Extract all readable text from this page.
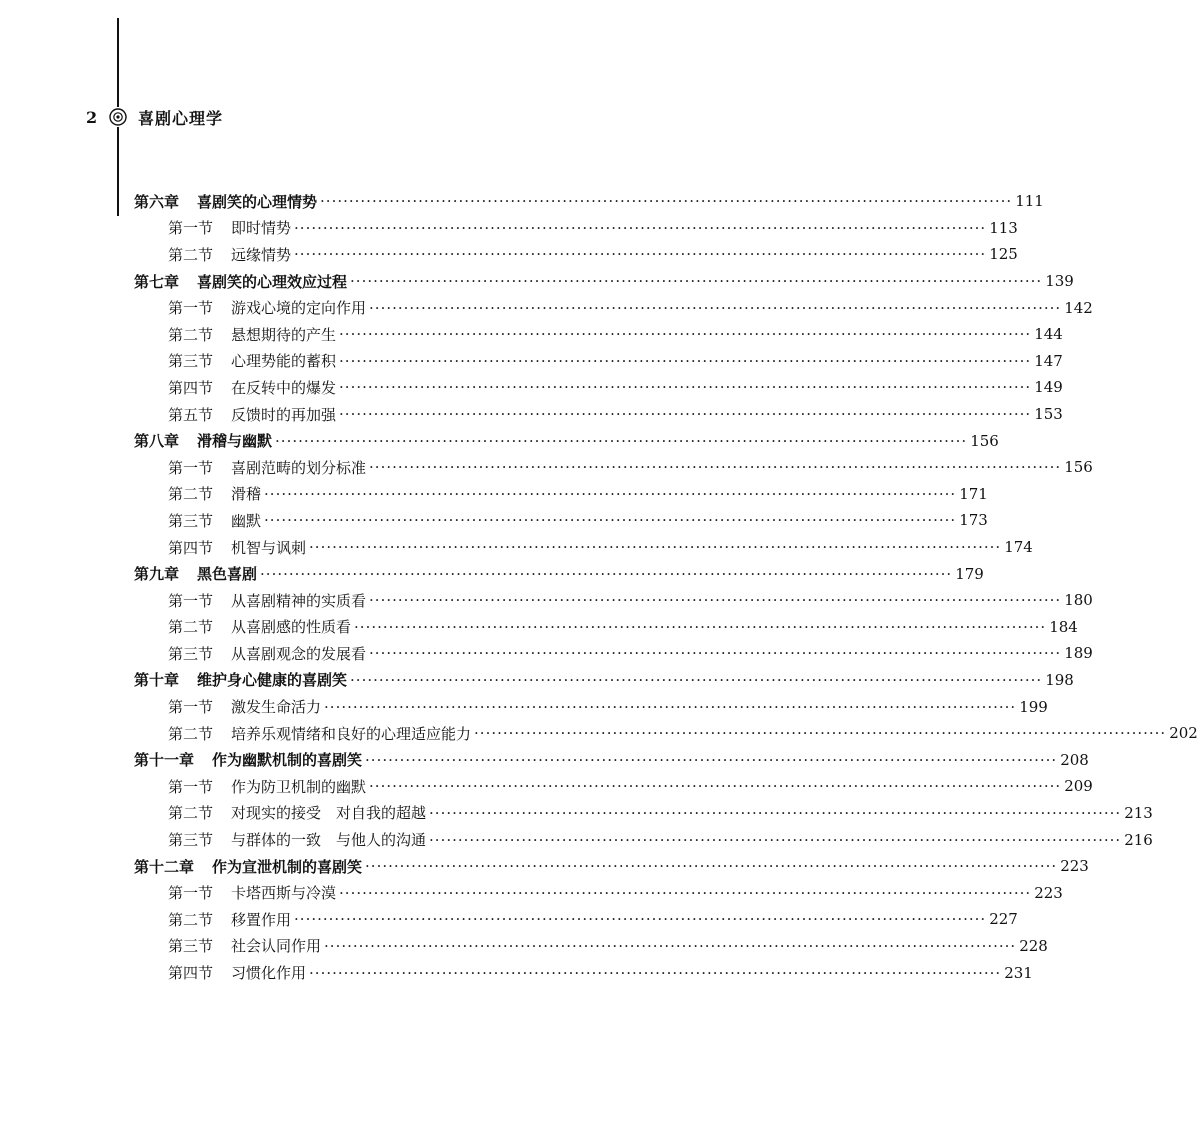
2	喜剧心理学
第六章 喜剧笑的心理情势 ························································································································ 111
第一节 即时情势 ························································································································ 113
第二节 远缘情势 ························································································································ 125
第七章 喜剧笑的心理效应过程 ························································································································ 139
第一节 游戏心境的定向作用 ························································································································ 142
第二节 悬想期待的产生 ························································································································ 144
第三节 心理势能的蓄积 ························································································································ 147
第四节 在反转中的爆发 ························································································································ 149
第五节 反馈时的再加强 ························································································································ 153
第八章 滑稽与幽默 ························································································································ 156
第一节 喜剧范畴的划分标准 ························································································································ 156
第二节 滑稽 ························································································································ 171
第三节 幽默 ························································································································ 173
第四节 机智与讽刺 ························································································································ 174
第九章 黑色喜剧 ························································································································ 179
第一节 从喜剧精神的实质看 ························································································································ 180
第二节 从喜剧感的性质看 ························································································································ 184
第三节 从喜剧观念的发展看 ························································································································ 189
第十章 维护身心健康的喜剧笑 ························································································································ 198
第一节 激发生命活力 ························································································································ 199
第二节 培养乐观情绪和良好的心理适应能力 ························································································································ 202
第十一章 作为幽默机制的喜剧笑 ························································································································ 208
第一节 作为防卫机制的幽默 ························································································································ 209
第二节 对现实的接受　对自我的超越 ························································································································ 213
第三节 与群体的一致　与他人的沟通 ························································································································ 216
第十二章 作为宣泄机制的喜剧笑 ························································································································ 223
第一节 卡塔西斯与冷漠 ························································································································ 223
第二节 移置作用 ························································································································ 227
第三节 社会认同作用 ························································································································ 228
第四节 习惯化作用 ························································································································ 231
